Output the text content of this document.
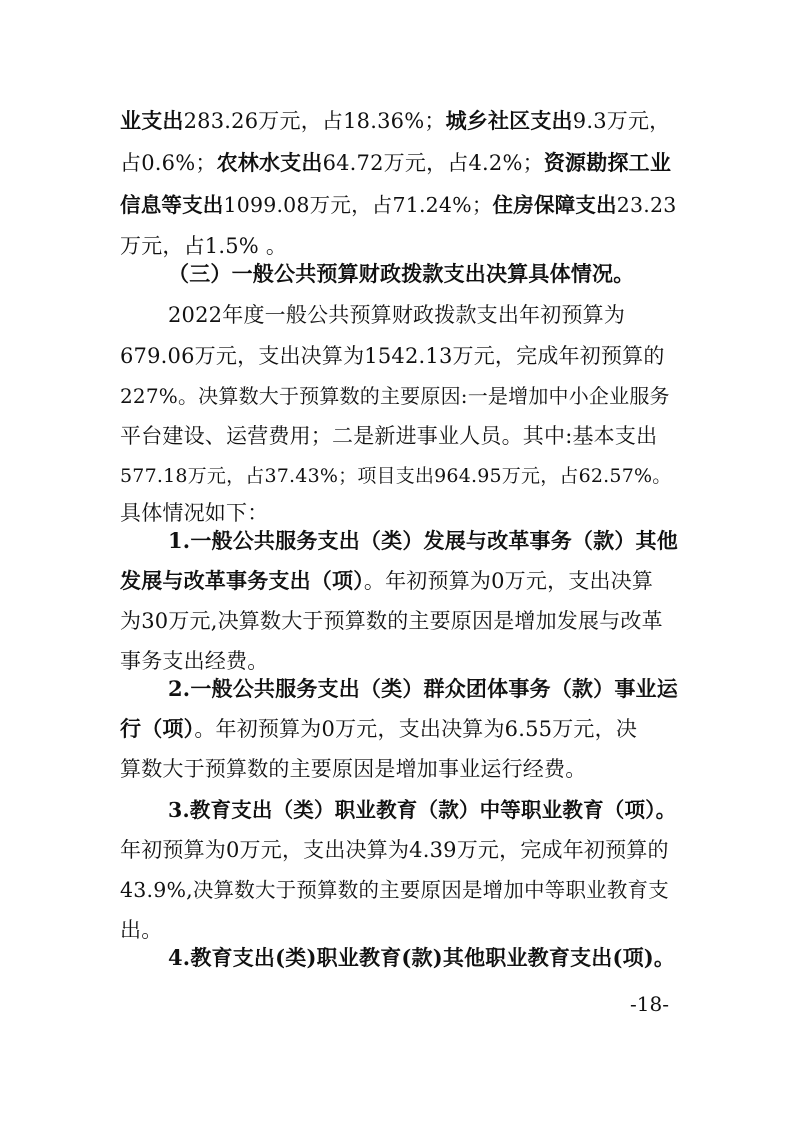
业支出283.26万元，占18.36%；城乡社区支出9.3万元，
占0.6%；农林水支出64.72万元，占4.2%；资源勘探工业
信息等支出1099.08万元，占71.24%；住房保障支出23.23
万元，占1.5% 。
（三）一般公共预算财政拨款支出决算具体情况。
2022年度一般公共预算财政拨款支出年初预算为
679.06万元，支出决算为1542.13万元，完成年初预算的
227%。决算数大于预算数的主要原因:一是增加中小企业服务
平台建设、运营费用；二是新进事业人员。其中:基本支出
577.18万元，占37.43%；项目支出964.95万元，占62.57%。
具体情况如下：
1.一般公共服务支出（类）发展与改革事务（款）其他
发展与改革事务支出（项）。年初预算为0万元，支出决算
为30万元,决算数大于预算数的主要原因是增加发展与改革
事务支出经费。
2.一般公共服务支出（类）群众团体事务（款）事业运
行（项）。年初预算为0万元，支出决算为6.55万元，决
算数大于预算数的主要原因是增加事业运行经费。
3.教育支出（类）职业教育（款）中等职业教育（项）。
年初预算为0万元，支出决算为4.39万元，完成年初预算的
43.9%,决算数大于预算数的主要原因是增加中等职业教育支
出。
4.教育支出(类)职业教育(款)其他职业教育支出(项)。
-18-
